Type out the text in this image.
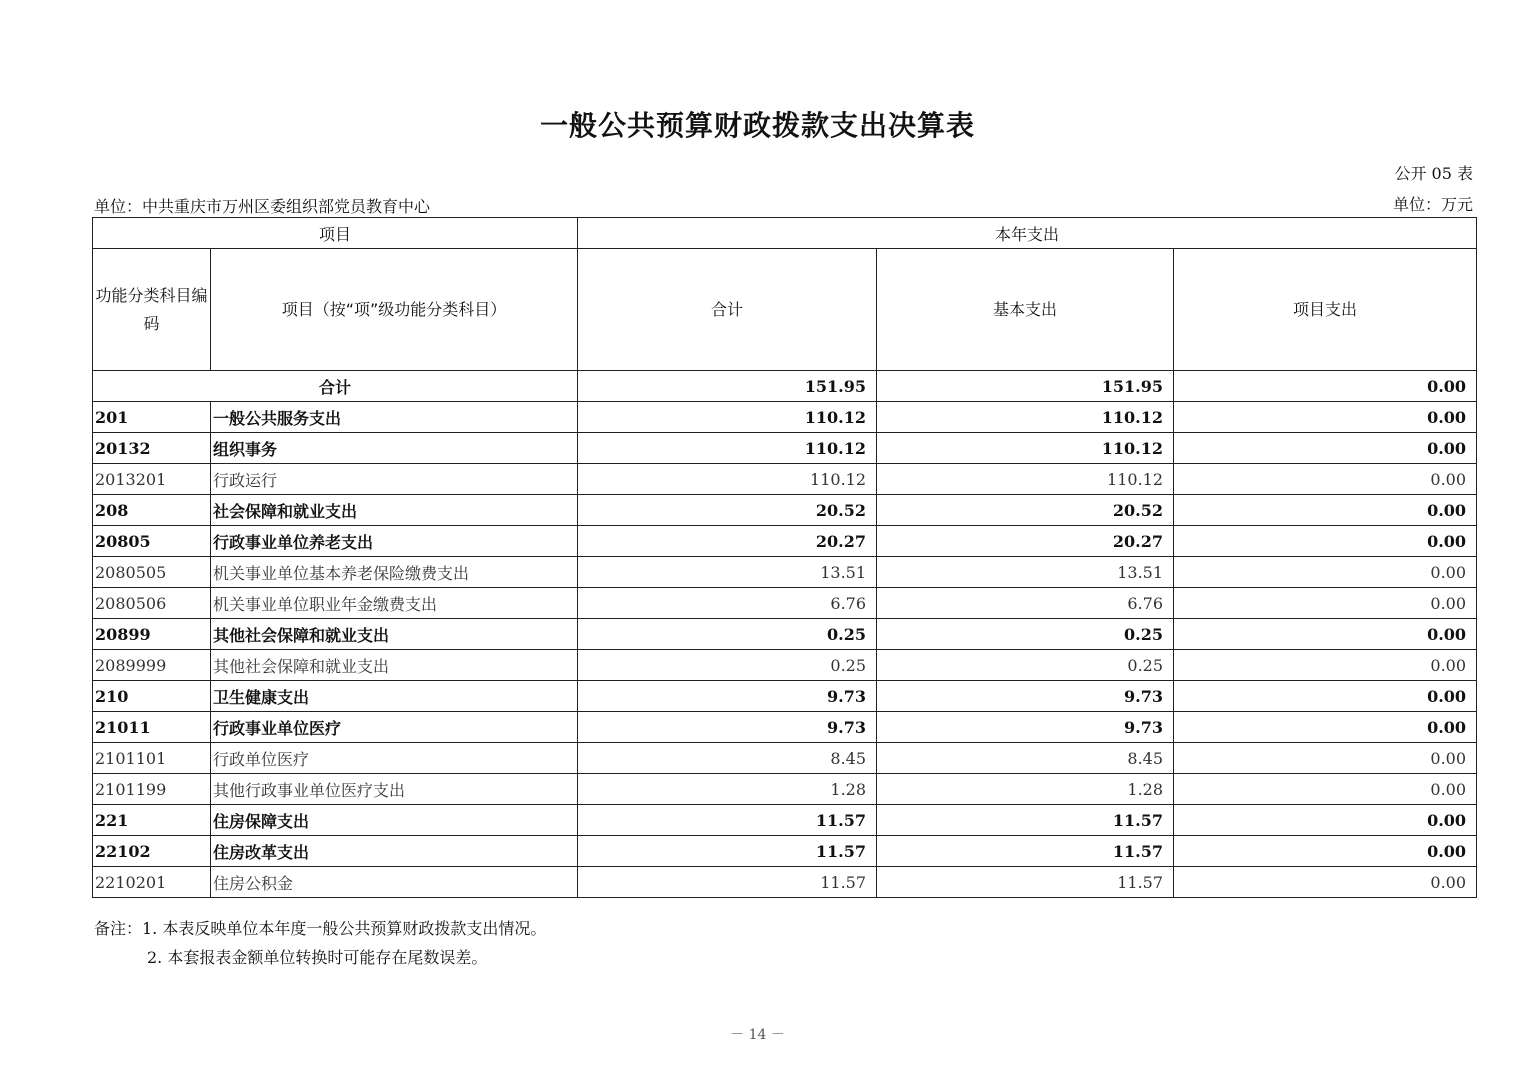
一般公共预算财政拨款支出决算表
公开 05 表
单位：中共重庆市万州区委组织部党员教育中心	单位：万元
项目		本年支出		
功能分类科目编码	项目（按“项”级功能分类科目）	合计	基本支出	项目支出
合计		151.95	151.95	0.00
201	一般公共服务支出	110.12	110.12	0.00
20132	组织事务	110.12	110.12	0.00
2013201	行政运行	110.12	110.12	0.00
208	社会保障和就业支出	20.52	20.52	0.00
20805	行政事业单位养老支出	20.27	20.27	0.00
2080505	机关事业单位基本养老保险缴费支出	13.51	13.51	0.00
2080506	机关事业单位职业年金缴费支出	6.76	6.76	0.00
20899	其他社会保障和就业支出	0.25	0.25	0.00
2089999	其他社会保障和就业支出	0.25	0.25	0.00
210	卫生健康支出	9.73	9.73	0.00
21011	行政事业单位医疗	9.73	9.73	0.00
2101101	行政单位医疗	8.45	8.45	0.00
2101199	其他行政事业单位医疗支出	1.28	1.28	0.00
221	住房保障支出	11.57	11.57	0.00
22102	住房改革支出	11.57	11.57	0.00
2210201	住房公积金	11.57	11.57	0.00
备注：1. 本表反映单位本年度一般公共预算财政拨款支出情况。
2. 本套报表金额单位转换时可能存在尾数误差。
－ 14 －
